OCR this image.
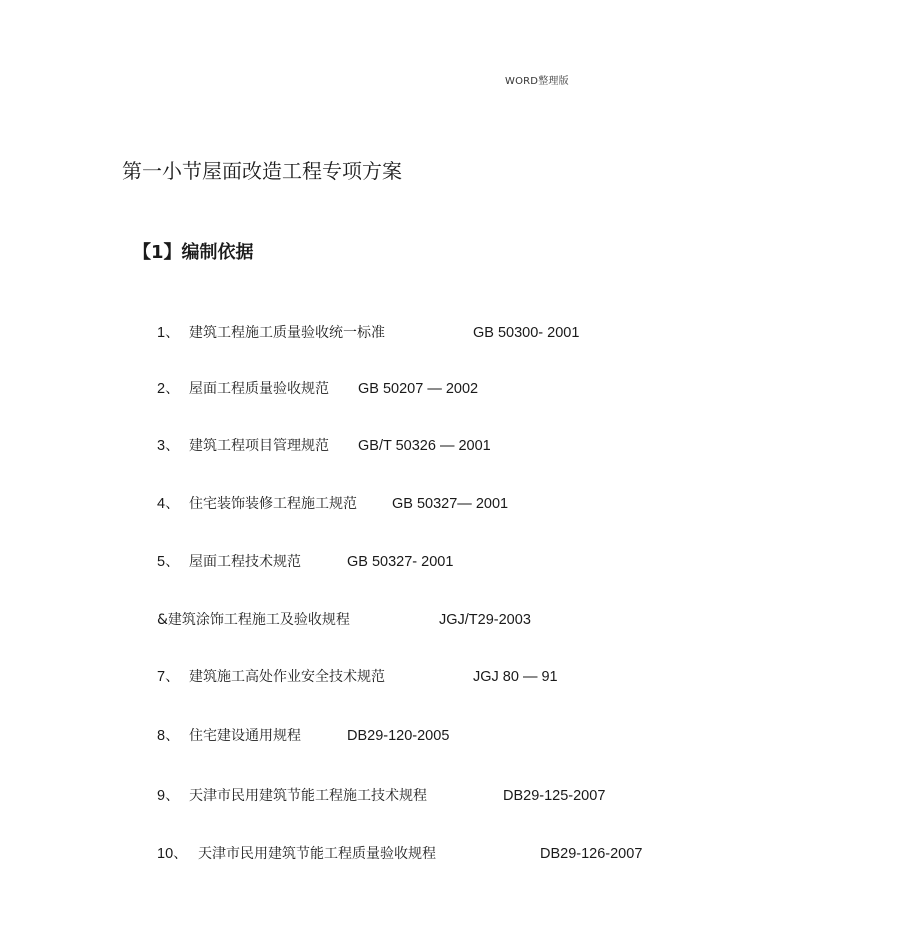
WORD整理版
第一小节屋面改造工程专项方案
【1】编制依据
1、 建筑工程施工质量验收统一标准	GB 50300- 2001
2、 屋面工程质量验收规范 GB 50207 — 2002
3、 建筑工程项目管理规范 GB/T 50326 — 2001
4、 住宅装饰装修工程施工规范 GB 50327— 2001
5、 屋面工程技术规范	GB 50327- 2001
&建筑涂饰工程施工及验收规程	JGJ/T29-2003
7、 建筑施工高处作业安全技术规范	JGJ 80 — 91
8、 住宅建设通用规程	DB29-120-2005
9、 天津市民用建筑节能工程施工技术规程	DB29-125-2007
10、 天津市民用建筑节能工程质量验收规程	DB29-126-2007
